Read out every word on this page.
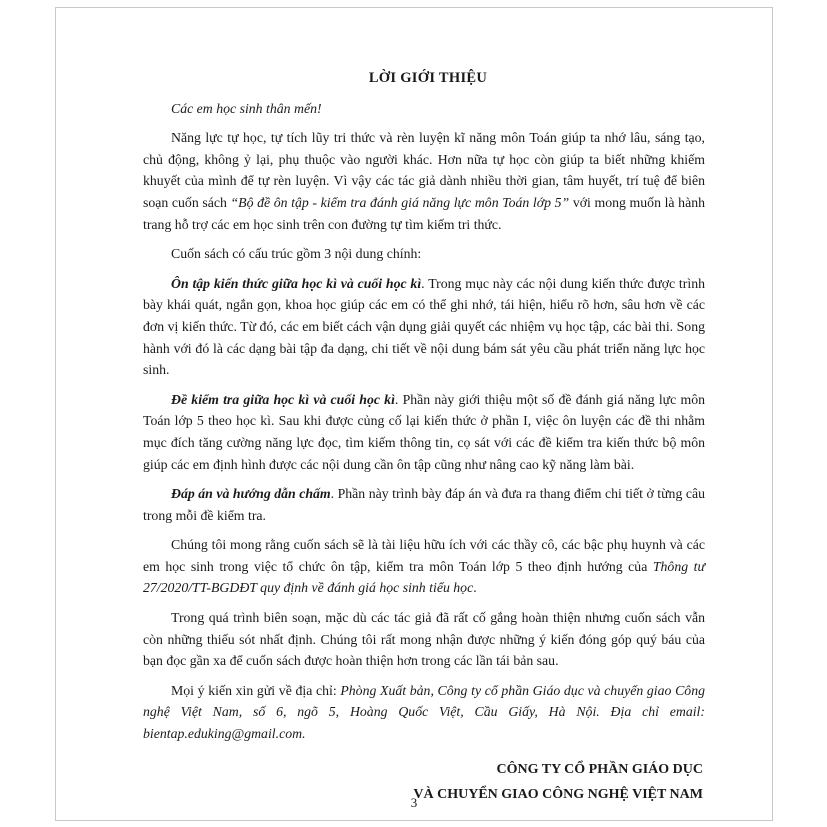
LỜI GIỚI THIỆU

Các em học sinh thân mến!

Năng lực tự học, tự tích lũy tri thức và rèn luyện kĩ năng môn Toán giúp ta nhớ lâu, sáng tạo, chủ động, không ỷ lại, phụ thuộc vào người khác. Hơn nữa tự học còn giúp ta biết những khiếm khuyết của mình để tự rèn luyện. Vì vậy các tác giả dành nhiều thời gian, tâm huyết, trí tuệ để biên soạn cuốn sách “Bộ đề ôn tập - kiểm tra đánh giá năng lực môn Toán lớp 5” với mong muốn là hành trang hỗ trợ các em học sinh trên con đường tự tìm kiếm tri thức.

Cuốn sách có cấu trúc gồm 3 nội dung chính:

Ôn tập kiến thức giữa học kì và cuối học kì. Trong mục này các nội dung kiến thức được trình bày khái quát, ngắn gọn, khoa học giúp các em có thể ghi nhớ, tái hiện, hiểu rõ hơn, sâu hơn về các đơn vị kiến thức. Từ đó, các em biết cách vận dụng giải quyết các nhiệm vụ học tập, các bài thi. Song hành với đó là các dạng bài tập đa dạng, chi tiết về nội dung bám sát yêu cầu phát triển năng lực học sinh.

Đề kiểm tra giữa học kì và cuối học kì. Phần này giới thiệu một số đề đánh giá năng lực môn Toán lớp 5 theo học kì. Sau khi được củng cố lại kiến thức ở phần I, việc ôn luyện các đề thi nhằm mục đích tăng cường năng lực đọc, tìm kiếm thông tin, cọ sát với các đề kiểm tra kiến thức bộ môn giúp các em định hình được các nội dung cần ôn tập cũng như nâng cao kỹ năng làm bài.

Đáp án và hướng dẫn chấm. Phần này trình bày đáp án và đưa ra thang điểm chi tiết ở từng câu trong mỗi đề kiểm tra.

Chúng tôi mong rằng cuốn sách sẽ là tài liệu hữu ích với các thầy cô, các bậc phụ huynh và các em học sinh trong việc tổ chức ôn tập, kiểm tra môn Toán lớp 5 theo định hướng của Thông tư 27/2020/TT-BGDĐT quy định về đánh giá học sinh tiểu học.

Trong quá trình biên soạn, mặc dù các tác giả đã rất cố gắng hoàn thiện nhưng cuốn sách vẫn còn những thiếu sót nhất định. Chúng tôi rất mong nhận được những ý kiến đóng góp quý báu của bạn đọc gần xa để cuốn sách được hoàn thiện hơn trong các lần tái bản sau.

Mọi ý kiến xin gửi về địa chỉ: Phòng Xuất bản, Công ty cổ phần Giáo dục và chuyển giao Công nghệ Việt Nam, số 6, ngõ 5, Hoàng Quốc Việt, Cầu Giấy, Hà Nội. Địa chỉ email: bientap.eduking@gmail.com.

CÔNG TY CỔ PHẦN GIÁO DỤC
VÀ CHUYỂN GIAO CÔNG NGHỆ VIỆT NAM
3
